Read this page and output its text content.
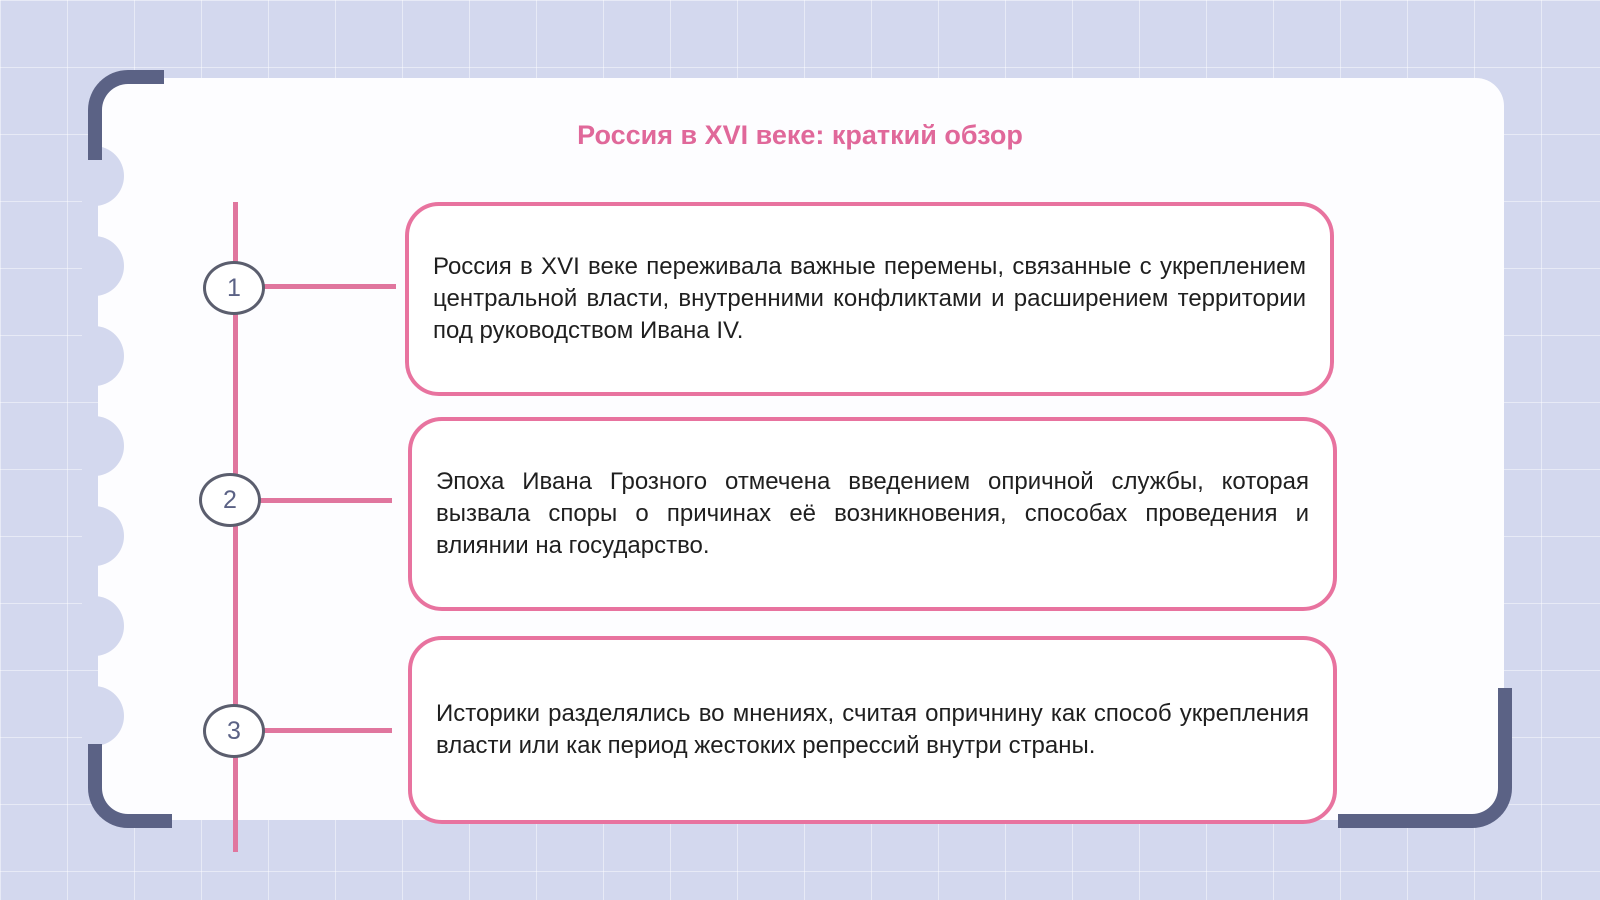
Россия в XVI веке: краткий обзор
1
2
3

Россия в XVI веке переживала важные перемены, связанные с укреплением центральной власти, внутренними конфликтами и расширением территории под руководством Ивана IV.

Эпоха Ивана Грозного отмечена введением опричной службы, которая вызвала споры о причинах её возникновения, способах проведения и влиянии на государство.

Историки разделялись во мнениях, считая опричнину как способ укрепления власти или как период жестоких репрессий внутри страны.
